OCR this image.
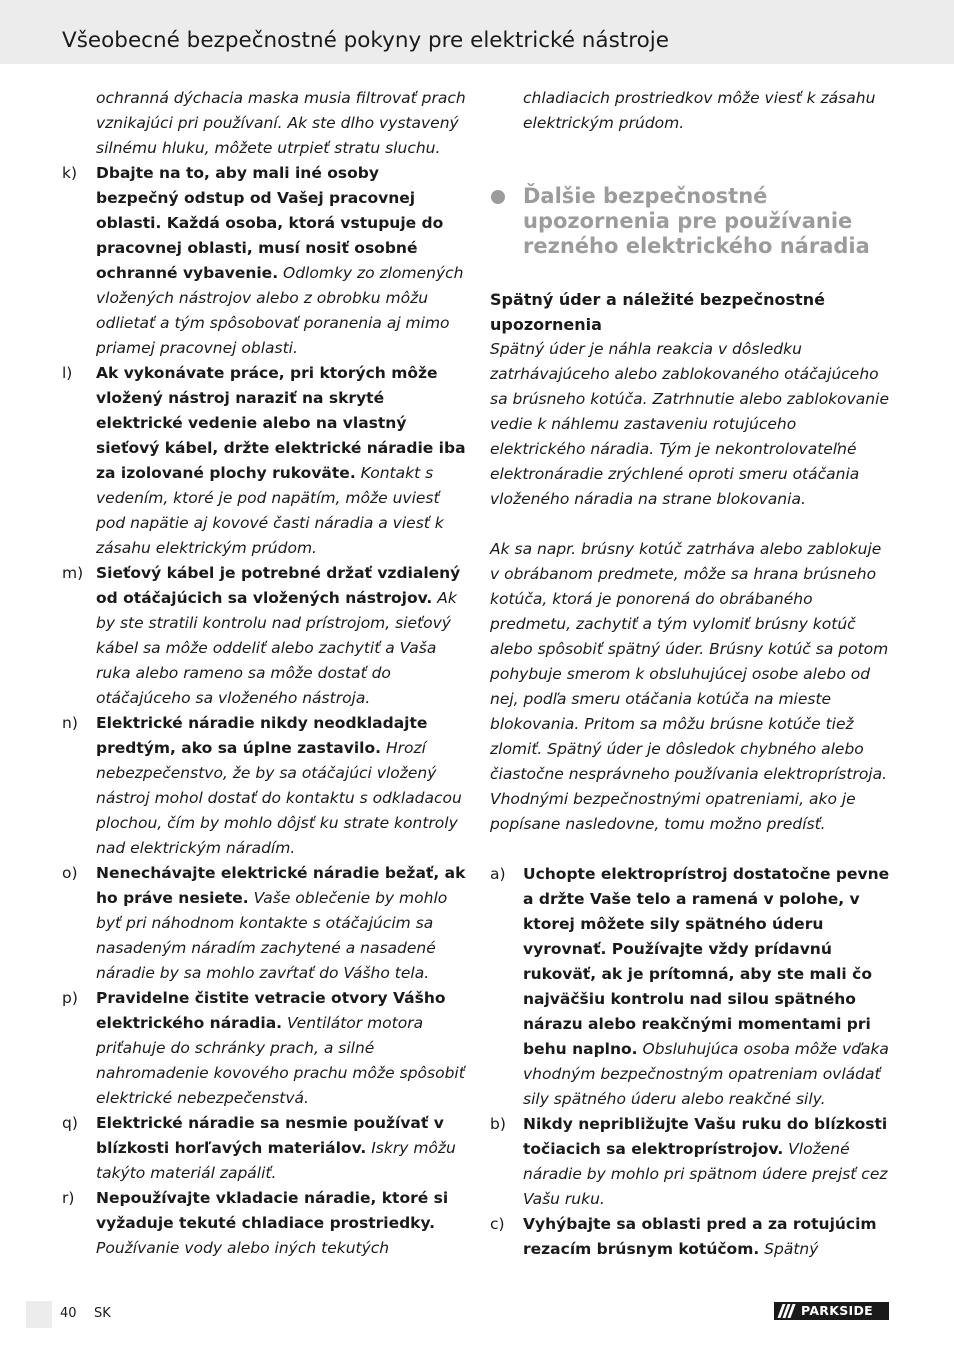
Všeobecné bezpečnostné pokyny pre elektrické nástroje
ochranná dýchacia maska musia filtrovať prach vznikajúci pri používaní. Ak ste dlho vystavený silnému hluku, môžete utrpieť stratu sluchu.
k) Dbajte na to, aby mali iné osoby bezpečný odstup od Vašej pracovnej oblasti. Každá osoba, ktorá vstupuje do pracovnej oblasti, musí nosiť osobné ochranné vybavenie. Odlomky zo zlomených vložených nástrojov alebo z obrobku môžu odlietať a tým spôsobovať poranenia aj mimo priamej pracovnej oblasti.
l) Ak vykonávate práce, pri ktorých môže vložený nástroj naraziť na skryté elektrické vedenie alebo na vlastný sieťový kábel, držte elektrické náradie iba za izolované plochy rukoväte. Kontakt s vedením, ktoré je pod napätím, môže uviesť pod napätie aj kovové časti náradia a viesť k zásahu elektrickým prúdom.
m) Sieťový kábel je potrebné držať vzdialený od otáčajúcich sa vložených nástrojov. Ak by ste stratili kontrolu nad prístrojom, sieťový kábel sa môže oddeliť alebo zachytiť a Vaša ruka alebo rameno sa môže dostať do otáčajúceho sa vloženého nástroja.
n) Elektrické náradie nikdy neodkladajte predtým, ako sa úplne zastavilo. Hrozí nebezpečenstvo, že by sa otáčajúci vložený nástroj mohol dostať do kontaktu s odkladacou plochou, čím by mohlo dôjsť ku strate kontroly nad elektrickým náradím.
o) Nenechávajte elektrické náradie bežať, ak ho práve nesiete. Vaše oblečenie by mohlo byť pri náhodnom kontakte s otáčajúcim sa nasadeným náradím zachytené a nasadené náradie by sa mohlo zavŕtať do Vášho tela.
p) Pravidelne čistite vetracie otvory Vášho elektrického náradia. Ventilátor motora priťahuje do schránky prach, a silné nahromadenie kovového prachu môže spôsobiť elektrické nebezpečenstvá.
q) Elektrické náradie sa nesmie používať v blízkosti horľavých materiálov. Iskry môžu takýto materiál zapáliť.
r) Nepoužívajte vkladacie náradie, ktoré si vyžaduje tekuté chladiace prostriedky. Používanie vody alebo iných tekutých
chladiacich prostriedkov môže viesť k zásahu elektrickým prúdom.
Ďalšie bezpečnostné upozornenia pre používanie rezného elektrického náradia
Spätný úder a náležité bezpečnostné upozornenia
Spätný úder je náhla reakcia v dôsledku zatrhávajúceho alebo zablokovaného otáčajúceho sa brúsneho kotúča. Zatrhnutie alebo zablokovanie vedie k náhlemu zastaveniu rotujúceho elektrického náradia. Tým je nekontrolovateľné elektronáradie zrýchlené oproti smeru otáčania vloženého náradia na strane blokovania.
Ak sa napr. brúsny kotúč zatrháva alebo zablokuje v obrábanom predmete, môže sa hrana brúsneho kotúča, ktorá je ponorená do obrábaného predmetu, zachytiť a tým vylomiť brúsny kotúč alebo spôsobiť spätný úder. Brúsny kotúč sa potom pohybuje smerom k obsluhujúcej osobe alebo od nej, podľa smeru otáčania kotúča na mieste blokovania. Pritom sa môžu brúsne kotúče tiež zlomiť. Spätný úder je dôsledok chybného alebo čiastočne nesprávneho používania elektroprístroja. Vhodnými bezpečnostnými opatreniami, ako je popísane nasledovne, tomu možno predísť.
a) Uchopte elektroprístroj dostatočne pevne a držte Vaše telo a ramená v polohe, v ktorej môžete sily spätného úderu vyrovnať. Používajte vždy prídavnú rukoväť, ak je prítomná, aby ste mali čo najväčšiu kontrolu nad silou spätného nárazu alebo reakčnými momentami pri behu naplno. Obsluhujúca osoba môže vďaka vhodným bezpečnostným opatreniam ovládať sily spätného úderu alebo reakčné sily.
b) Nikdy nepribližujte Vašu ruku do blízkosti točiacich sa elektroprístrojov. Vložené náradie by mohlo pri spätnom údere prejsť cez Vašu ruku.
c) Vyhýbajte sa oblasti pred a za rotujúcim rezacím brúsnym kotúčom. Spätný
40 SK	PARKSIDE
